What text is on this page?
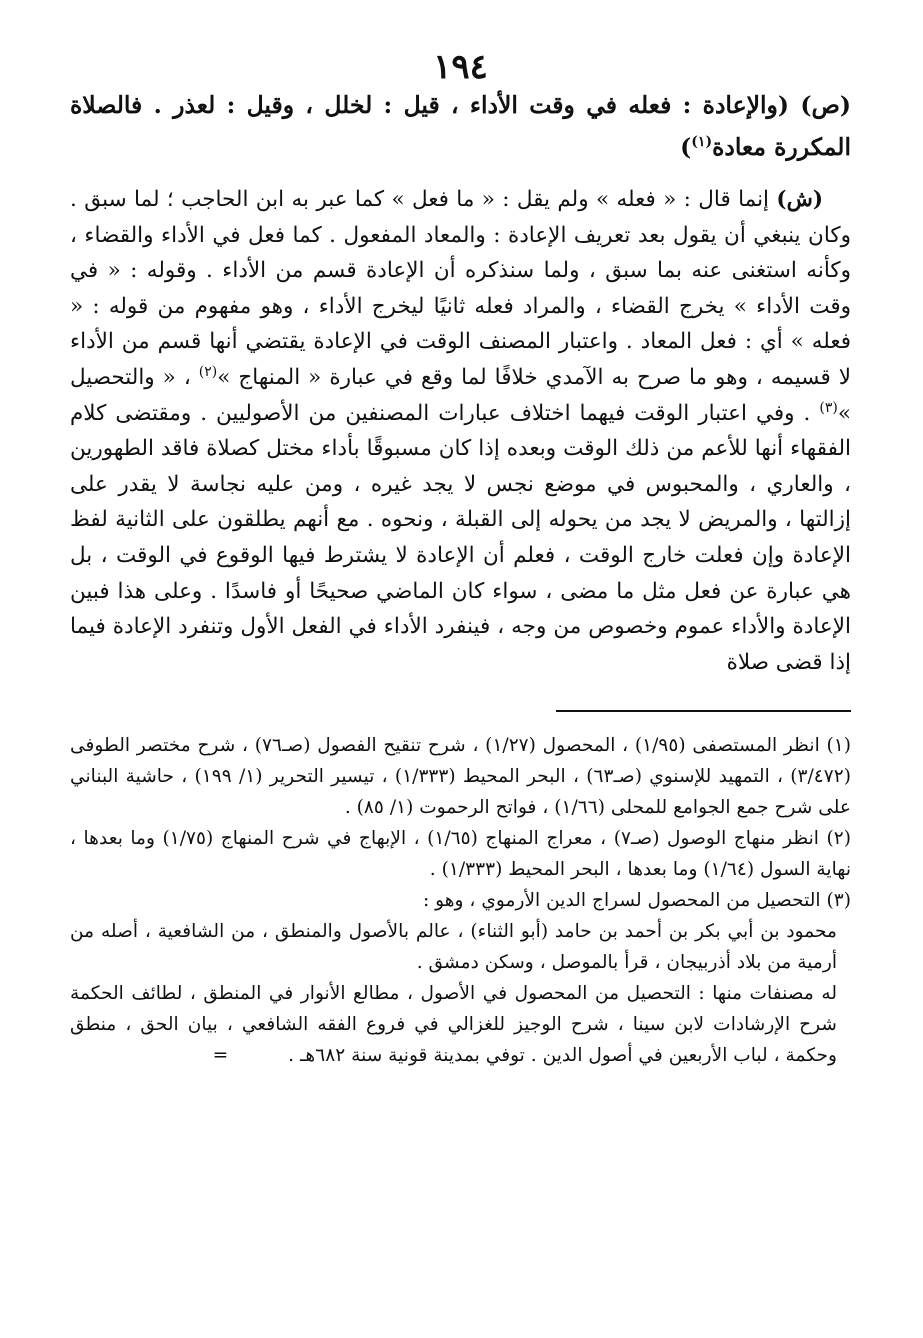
١٩٤

(ص) (والإعادة : فعله في وقت الأداء ، قيل : لخلل ، وقيل : لعذر . فالصلاة المكررة معادة$^{(١)}$)

(ش) إنما قال : « فعله » ولم يقل : « ما فعل » كما عبر به ابن الحاجب ؛ لما سبق . وكان ينبغي أن يقول بعد تعريف الإعادة : والمعاد المفعول . كما فعل في الأداء والقضاء ، وكأنه استغنى عنه بما سبق ، ولما سنذكره أن الإعادة قسم من الأداء . وقوله : « في وقت الأداء » يخرج القضاء ، والمراد فعله ثانيًا ليخرج الأداء ، وهو مفهوم من قوله : « فعله » أي : فعل المعاد . واعتبار المصنف الوقت في الإعادة يقتضي أنها قسم من الأداء لا قسيمه ، وهو ما صرح به الآمدي خلافًا لما وقع في عبارة « المنهاج »$^{(٢)}$ ، « والتحصيل »$^{(٣)}$ . وفي اعتبار الوقت فيهما اختلاف عبارات المصنفين من الأصوليين . ومقتضى كلام الفقهاء أنها للأعم من ذلك الوقت وبعده إذا كان مسبوقًا بأداء مختل كصلاة فاقد الطهورين ، والعاري ، والمحبوس في موضع نجس لا يجد غيره ، ومن عليه نجاسة لا يقدر على إزالتها ، والمريض لا يجد من يحوله إلى القبلة ، ونحوه . مع أنهم يطلقون على الثانية لفظ الإعادة وإن فعلت خارج الوقت ، فعلم أن الإعادة لا يشترط فيها الوقوع في الوقت ، بل هي عبارة عن فعل مثل ما مضى ، سواء كان الماضي صحيحًا أو فاسدًا . وعلى هذا فبين الإعادة والأداء عموم وخصوص من وجه ، فينفرد الأداء في الفعل الأول وتنفرد الإعادة فيما إذا قضى صلاة

(١) انظر المستصفى (١/٩٥) ، المحصول (١/٢٧) ، شرح تنقيح الفصول (صـ٧٦) ، شرح مختصر الطوفى (٣/٤٧٢) ، التمهيد للإسنوي (صـ٦٣) ، البحر المحيط (١/٣٣٣) ، تيسير التحرير (١/ ١٩٩) ، حاشية البناني على شرح جمع الجوامع للمحلى (١/٦٦) ، فواتح الرحموت (١/ ٨٥) .

(٢) انظر منهاج الوصول (صـ٧) ، معراج المنهاج (١/٦٥) ، الإبهاج في شرح المنهاج (١/٧٥) وما بعدها ، نهاية السول (١/٦٤) وما بعدها ، البحر المحيط (١/٣٣٣) .

(٣) التحصيل من المحصول لسراج الدين الأرموي ، وهو :

محمود بن أبي بكر بن أحمد بن حامد (أبو الثناء) ، عالم بالأصول والمنطق ، من الشافعية ، أصله من أرمية من بلاد أذربيجان ، قرأ بالموصل ، وسكن دمشق .

له مصنفات منها : التحصيل من المحصول في الأصول ، مطالع الأنوار في المنطق ، لطائف الحكمة شرح الإرشادات لابن سينا ، شرح الوجيز للغزالي في فروع الفقه الشافعي ، بيان الحق ، منطق وحكمة ، لباب الأربعين في أصول الدين . توفي بمدينة قونية سنة ٦٨٢هـ .=
